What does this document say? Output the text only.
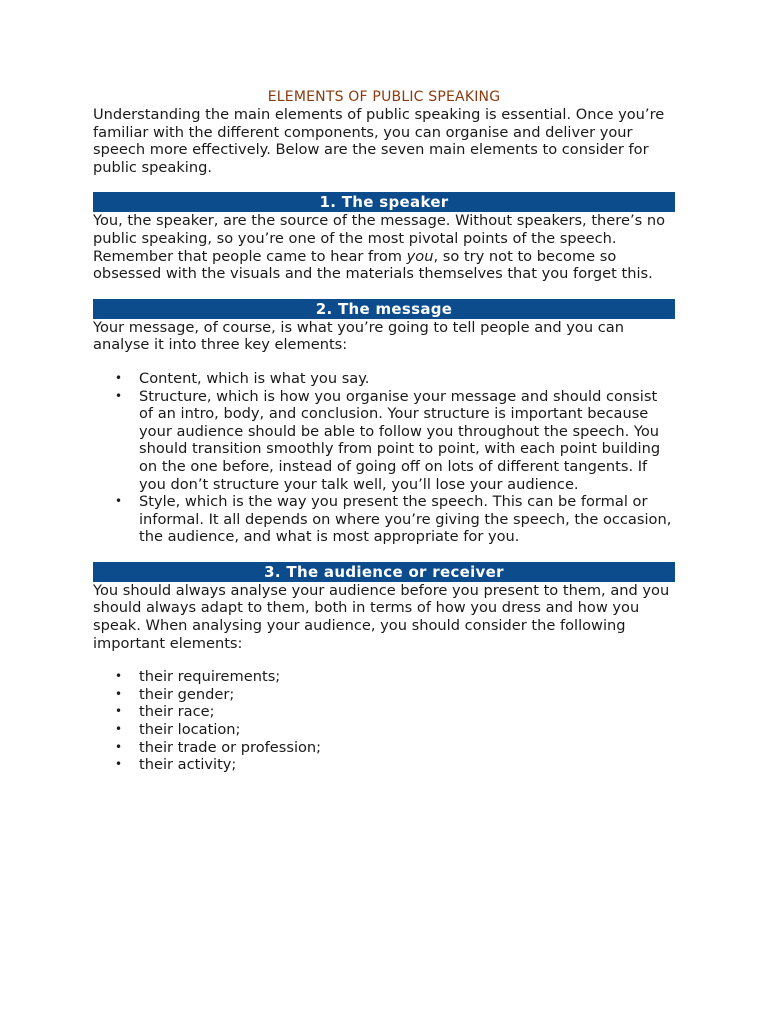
ELEMENTS OF PUBLIC SPEAKING

Understanding the main elements of public speaking is essential. Once you’re familiar with the different components, you can organise and deliver your speech more effectively. Below are the seven main elements to consider for public speaking.

1. The speaker

You, the speaker, are the source of the message. Without speakers, there’s no public speaking, so you’re one of the most pivotal points of the speech. Remember that people came to hear from you, so try not to become so obsessed with the visuals and the materials themselves that you forget this.

2. The message

Your message, of course, is what you’re going to tell people and you can analyse it into three key elements:

• Content, which is what you say.
• Structure, which is how you organise your message and should consist of an intro, body, and conclusion. Your structure is important because your audience should be able to follow you throughout the speech. You should transition smoothly from point to point, with each point building on the one before, instead of going off on lots of different tangents. If you don’t structure your talk well, you’ll lose your audience.
• Style, which is the way you present the speech. This can be formal or informal. It all depends on where you’re giving the speech, the occasion, the audience, and what is most appropriate for you.
3. The audience or receiver

You should always analyse your audience before you present to them, and you should always adapt to them, both in terms of how you dress and how you speak. When analysing your audience, you should consider the following important elements:

• their requirements;
• their gender;
• their race;
• their location;
• their trade or profession;
• their activity;
